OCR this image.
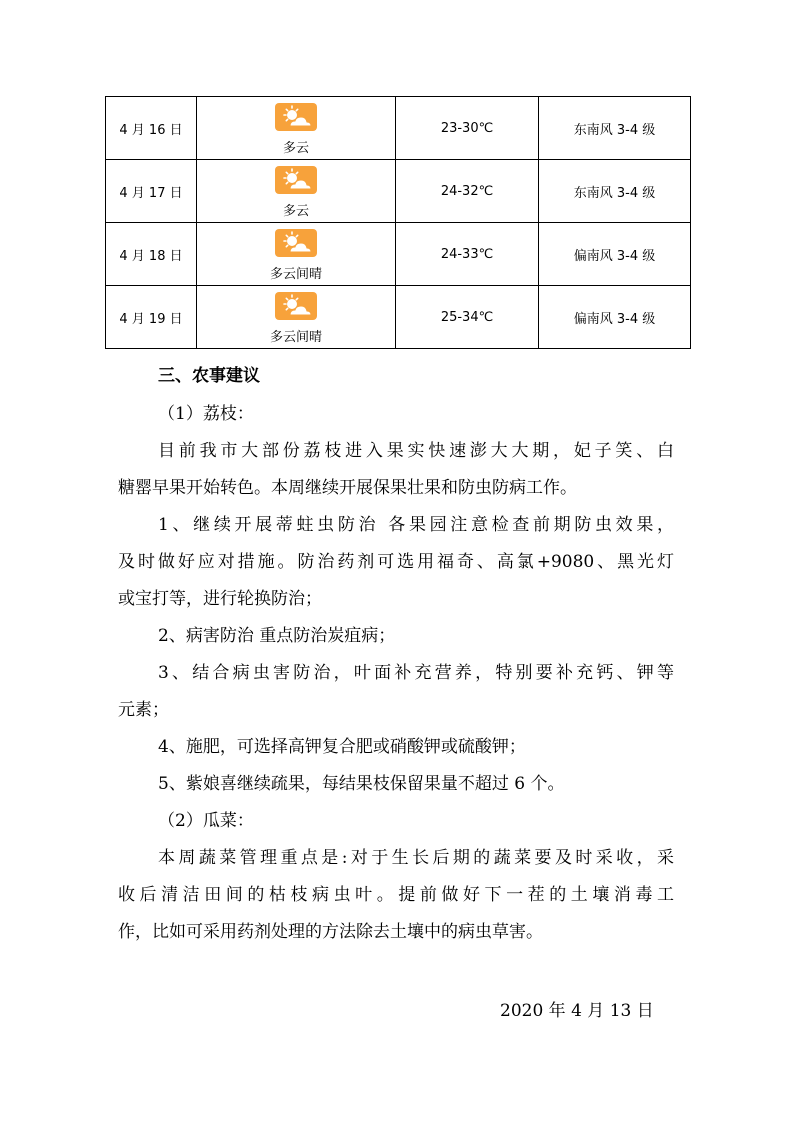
4 月 16 日	多云	23-30℃	东南风 3-4 级
4 月 17 日	多云	24-32℃	东南风 3-4 级
4 月 18 日	多云间晴	24-33℃	偏南风 3-4 级
4 月 19 日	多云间晴	25-34℃	偏南风 3-4 级
三、农事建议
（1）荔枝：
目前我市大部份荔枝进入果实快速澎大大期，妃子笑、白
糖罂早果开始转色。本周继续开展保果壮果和防虫防病工作。
1、继续开展蒂蛀虫防治 各果园注意检查前期防虫效果，
及时做好应对措施。防治药剂可选用福奇、高氯+9080、黑光灯
或宝打等，进行轮换防治；
2、病害防治 重点防治炭疽病；
3、结合病虫害防治，叶面补充营养，特别要补充钙、钾等
元素；
4、施肥，可选择高钾复合肥或硝酸钾或硫酸钾；
5、紫娘喜继续疏果，每结果枝保留果量不超过 6 个。
（2）瓜菜：
本周蔬菜管理重点是:对于生长后期的蔬菜要及时采收，采
收后清洁田间的枯枝病虫叶。提前做好下一茬的土壤消毒工
作，比如可采用药剂处理的方法除去土壤中的病虫草害。
2020 年 4 月 13 日
